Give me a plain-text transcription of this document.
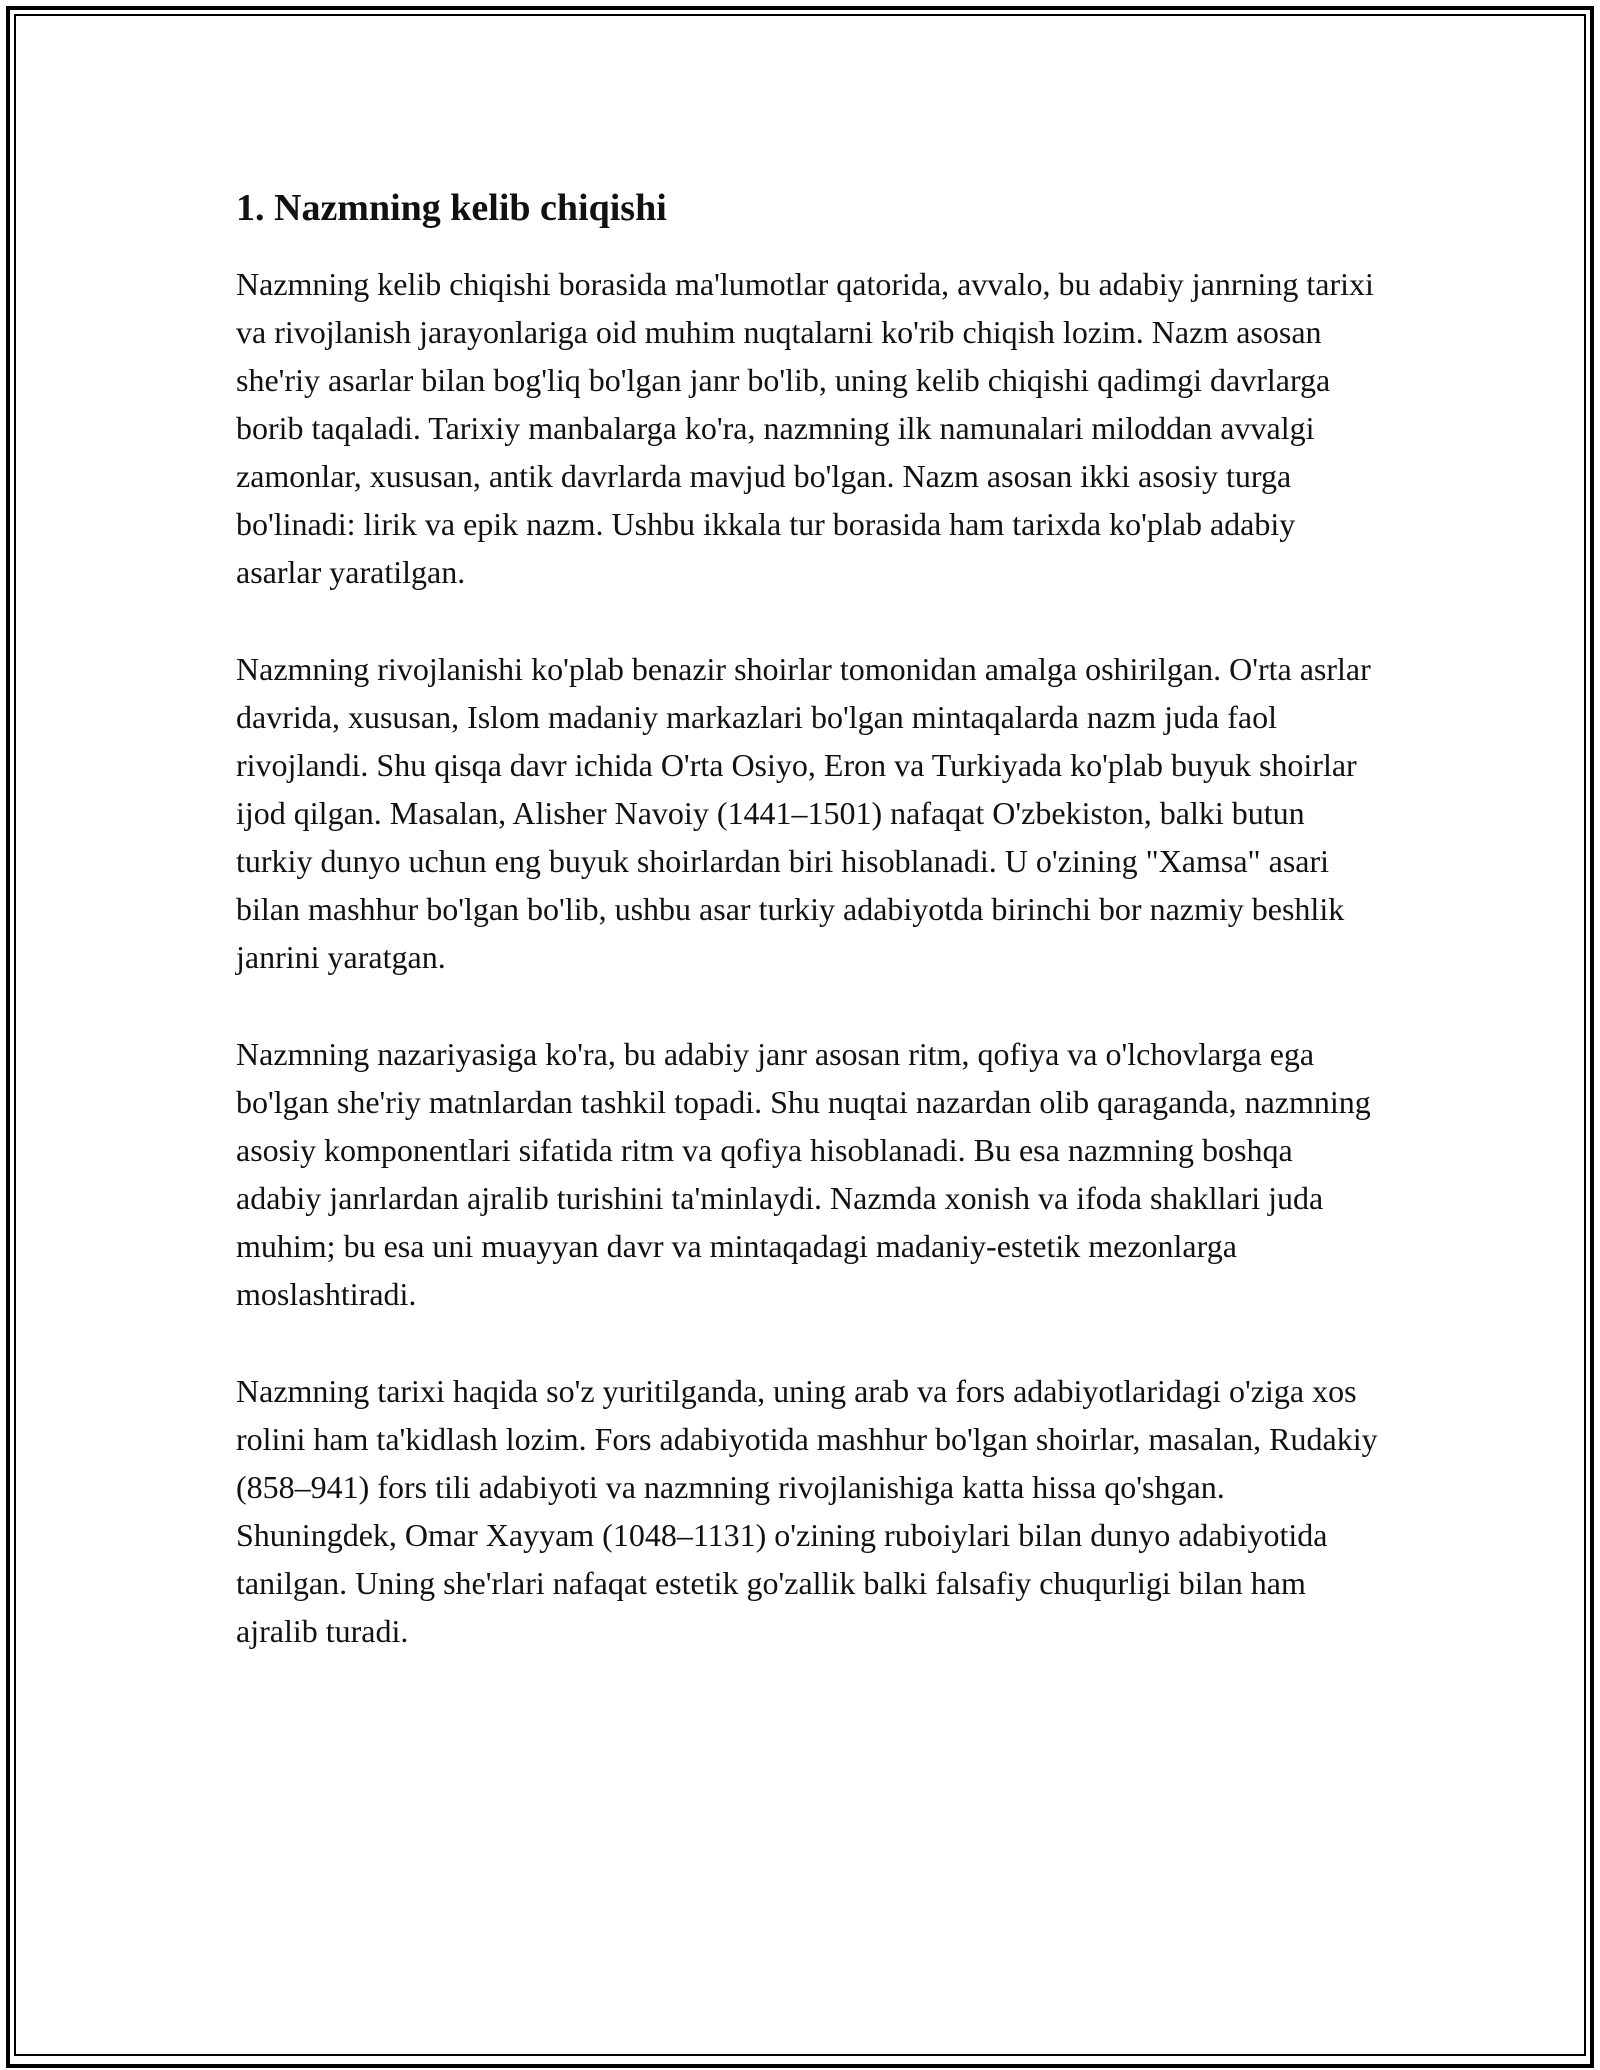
1. Nazmning kelib chiqishi

Nazmning kelib chiqishi borasida ma'lumotlar qatorida, avvalo, bu adabiy janrning tarixi va rivojlanish jarayonlariga oid muhim nuqtalarni ko'rib chiqish lozim. Nazm asosan she'riy asarlar bilan bog'liq bo'lgan janr bo'lib, uning kelib chiqishi qadimgi davrlarga borib taqaladi. Tarixiy manbalarga ko'ra, nazmning ilk namunalari miloddan avvalgi zamonlar, xususan, antik davrlarda mavjud bo'lgan. Nazm asosan ikki asosiy turga bo'linadi: lirik va epik nazm. Ushbu ikkala tur borasida ham tarixda ko'plab adabiy asarlar yaratilgan.

Nazmning rivojlanishi ko'plab benazir shoirlar tomonidan amalga oshirilgan. O'rta asrlar davrida, xususan, Islom madaniy markazlari bo'lgan mintaqalarda nazm juda faol rivojlandi. Shu qisqa davr ichida O'rta Osiyo, Eron va Turkiyada ko'plab buyuk shoirlar ijod qilgan. Masalan, Alisher Navoiy (1441–1501) nafaqat O'zbekiston, balki butun turkiy dunyo uchun eng buyuk shoirlardan biri hisoblanadi. U o'zining "Xamsa" asari bilan mashhur bo'lgan bo'lib, ushbu asar turkiy adabiyotda birinchi bor nazmiy beshlik janrini yaratgan.

Nazmning nazariyasiga ko'ra, bu adabiy janr asosan ritm, qofiya va o'lchovlarga ega bo'lgan she'riy matnlardan tashkil topadi. Shu nuqtai nazardan olib qaraganda, nazmning asosiy komponentlari sifatida ritm va qofiya hisoblanadi. Bu esa nazmning boshqa adabiy janrlardan ajralib turishini ta'minlaydi. Nazmda xonish va ifoda shakllari juda muhim; bu esa uni muayyan davr va mintaqadagi madaniy-estetik mezonlarga moslashtiradi.

Nazmning tarixi haqida so'z yuritilganda, uning arab va fors adabiyotlaridagi o'ziga xos rolini ham ta'kidlash lozim. Fors adabiyotida mashhur bo'lgan shoirlar, masalan, Rudakiy (858–941) fors tili adabiyoti va nazmning rivojlanishiga katta hissa qo'shgan. Shuningdek, Omar Xayyam (1048–1131) o'zining ruboiylari bilan dunyo adabiyotida tanilgan. Uning she'rlari nafaqat estetik go'zallik balki falsafiy chuqurligi bilan ham ajralib turadi.
